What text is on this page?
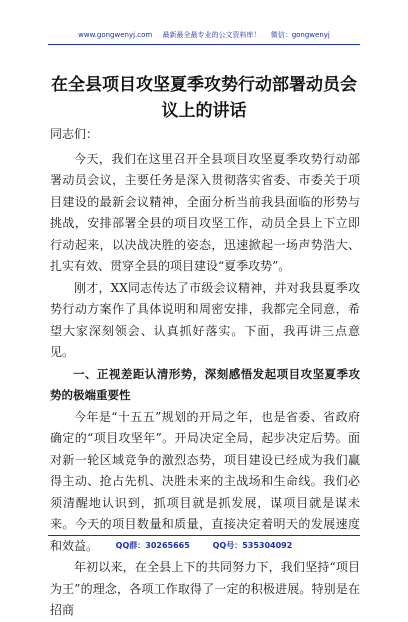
www.gongwenyj.com 最新最全最专业的公文资料库！ 微信：gongwenyj
在全县项目攻坚夏季攻势行动部署动员会议上的讲话

同志们：

今天，我们在这里召开全县项目攻坚夏季攻势行动部署动员会议，主要任务是深入贯彻落实省委、市委关于项目建设的最新会议精神，全面分析当前我县面临的形势与挑战，安排部署全县的项目攻坚工作，动员全县上下立即行动起来，以决战决胜的姿态，迅速掀起一场声势浩大、扎实有效、贯穿全县的项目建设“夏季攻势”。

刚才，XX同志传达了市级会议精神，并对我县夏季攻势行动方案作了具体说明和周密安排，我都完全同意，希望大家深刻领会、认真抓好落实。下面，我再讲三点意见。

一、正视差距认清形势，深刻感悟发起项目攻坚夏季攻势的极端重要性

今年是“十五五”规划的开局之年，也是省委、省政府确定的“项目攻坚年”。开局决定全局，起步决定后势。面对新一轮区域竞争的激烈态势，项目建设已经成为我们赢得主动、抢占先机、决胜未来的主战场和生命线。我们必须清醒地认识到，抓项目就是抓发展，谋项目就是谋未来。今天的项目数量和质量，直接决定着明天的发展速度和效益。

年初以来，在全县上下的共同努力下，我们坚持“项目为王”的理念，各项工作取得了一定的积极进展。特别是在招商

QQ群：30265665	QQ号：535304092
